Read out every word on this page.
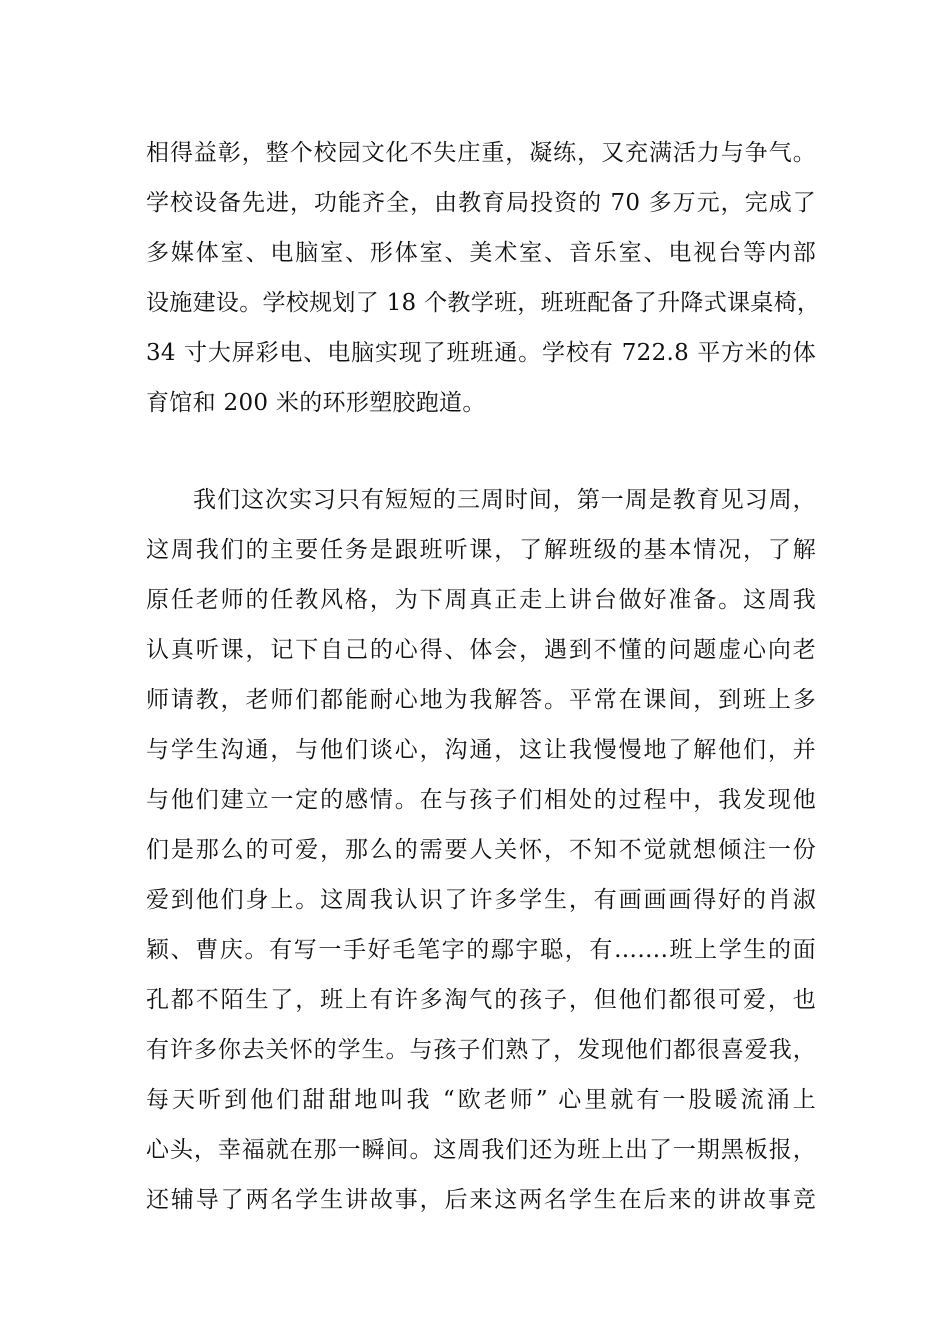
相得益彰，整个校园文化不失庄重，凝练，又充满活力与争气。
学校设备先进，功能齐全，由教育局投资的 70 多万元，完成了
多媒体室、电脑室、形体室、美术室、音乐室、电视台等内部
设施建设。学校规划了 18 个教学班，班班配备了升降式课桌椅，
34 寸大屏彩电、电脑实现了班班通。学校有 722.8 平方米的体
育馆和 200 米的环形塑胶跑道。
我们这次实习只有短短的三周时间，第一周是教育见习周，
这周我们的主要任务是跟班听课，了解班级的基本情况，了解
原任老师的任教风格，为下周真正走上讲台做好准备。这周我
认真听课，记下自己的心得、体会，遇到不懂的问题虚心向老
师请教，老师们都能耐心地为我解答。平常在课间，到班上多
与学生沟通，与他们谈心，沟通，这让我慢慢地了解他们，并
与他们建立一定的感情。在与孩子们相处的过程中，我发现他
们是那么的可爱，那么的需要人关怀，不知不觉就想倾注一份
爱到他们身上。这周我认识了许多学生，有画画画得好的肖淑
颖、曹庆。有写一手好毛笔字的鄢宇聪，有…….班上学生的面
孔都不陌生了，班上有许多淘气的孩子，但他们都很可爱，也
有许多你去关怀的学生。与孩子们熟了，发现他们都很喜爱我，
每天听到他们甜甜地叫我 “欧老师” 心里就有一股暖流涌上
心头，幸福就在那一瞬间。这周我们还为班上出了一期黑板报，
还辅导了两名学生讲故事，后来这两名学生在后来的讲故事竞
